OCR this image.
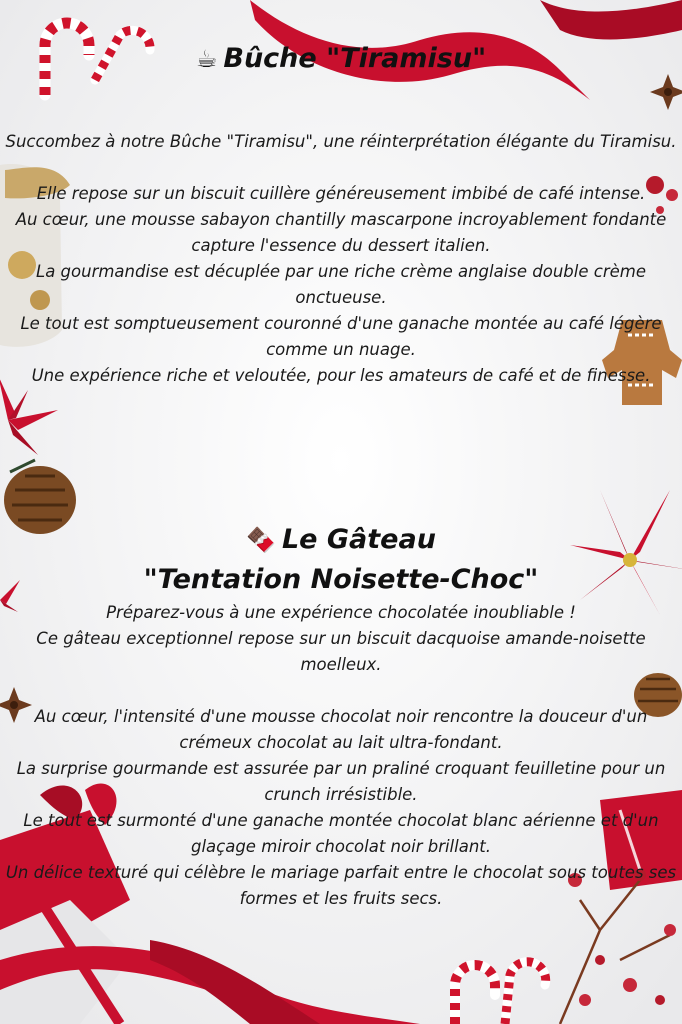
☕ Bûche "Tiramisu"

Succombez à notre Bûche "Tiramisu", une réinterprétation élégante du Tiramisu.

Elle repose sur un biscuit cuillère généreusement imbibé de café intense.

Au cœur, une mousse sabayon chantilly mascarpone incroyablement fondante capture l'essence du dessert italien.

La gourmandise est décuplée par une riche crème anglaise double crème onctueuse.

Le tout est somptueusement couronné d'une ganache montée au café légère comme un nuage.

Une expérience riche et veloutée, pour les amateurs de café et de finesse.

🍫 Le Gâteau
"Tentation Noisette-Choc"

Préparez-vous à une expérience chocolatée inoubliable !

Ce gâteau exceptionnel repose sur un biscuit dacquoise amande-noisette moelleux.

Au cœur, l'intensité d'une mousse chocolat noir rencontre la douceur d'un crémeux chocolat au lait ultra-fondant.

La surprise gourmande est assurée par un praliné croquant feuilletine pour un crunch irrésistible.

Le tout est surmonté d'une ganache montée chocolat blanc aérienne et d'un glaçage miroir chocolat noir brillant.

Un délice texturé qui célèbre le mariage parfait entre le chocolat sous toutes ses formes et les fruits secs.
